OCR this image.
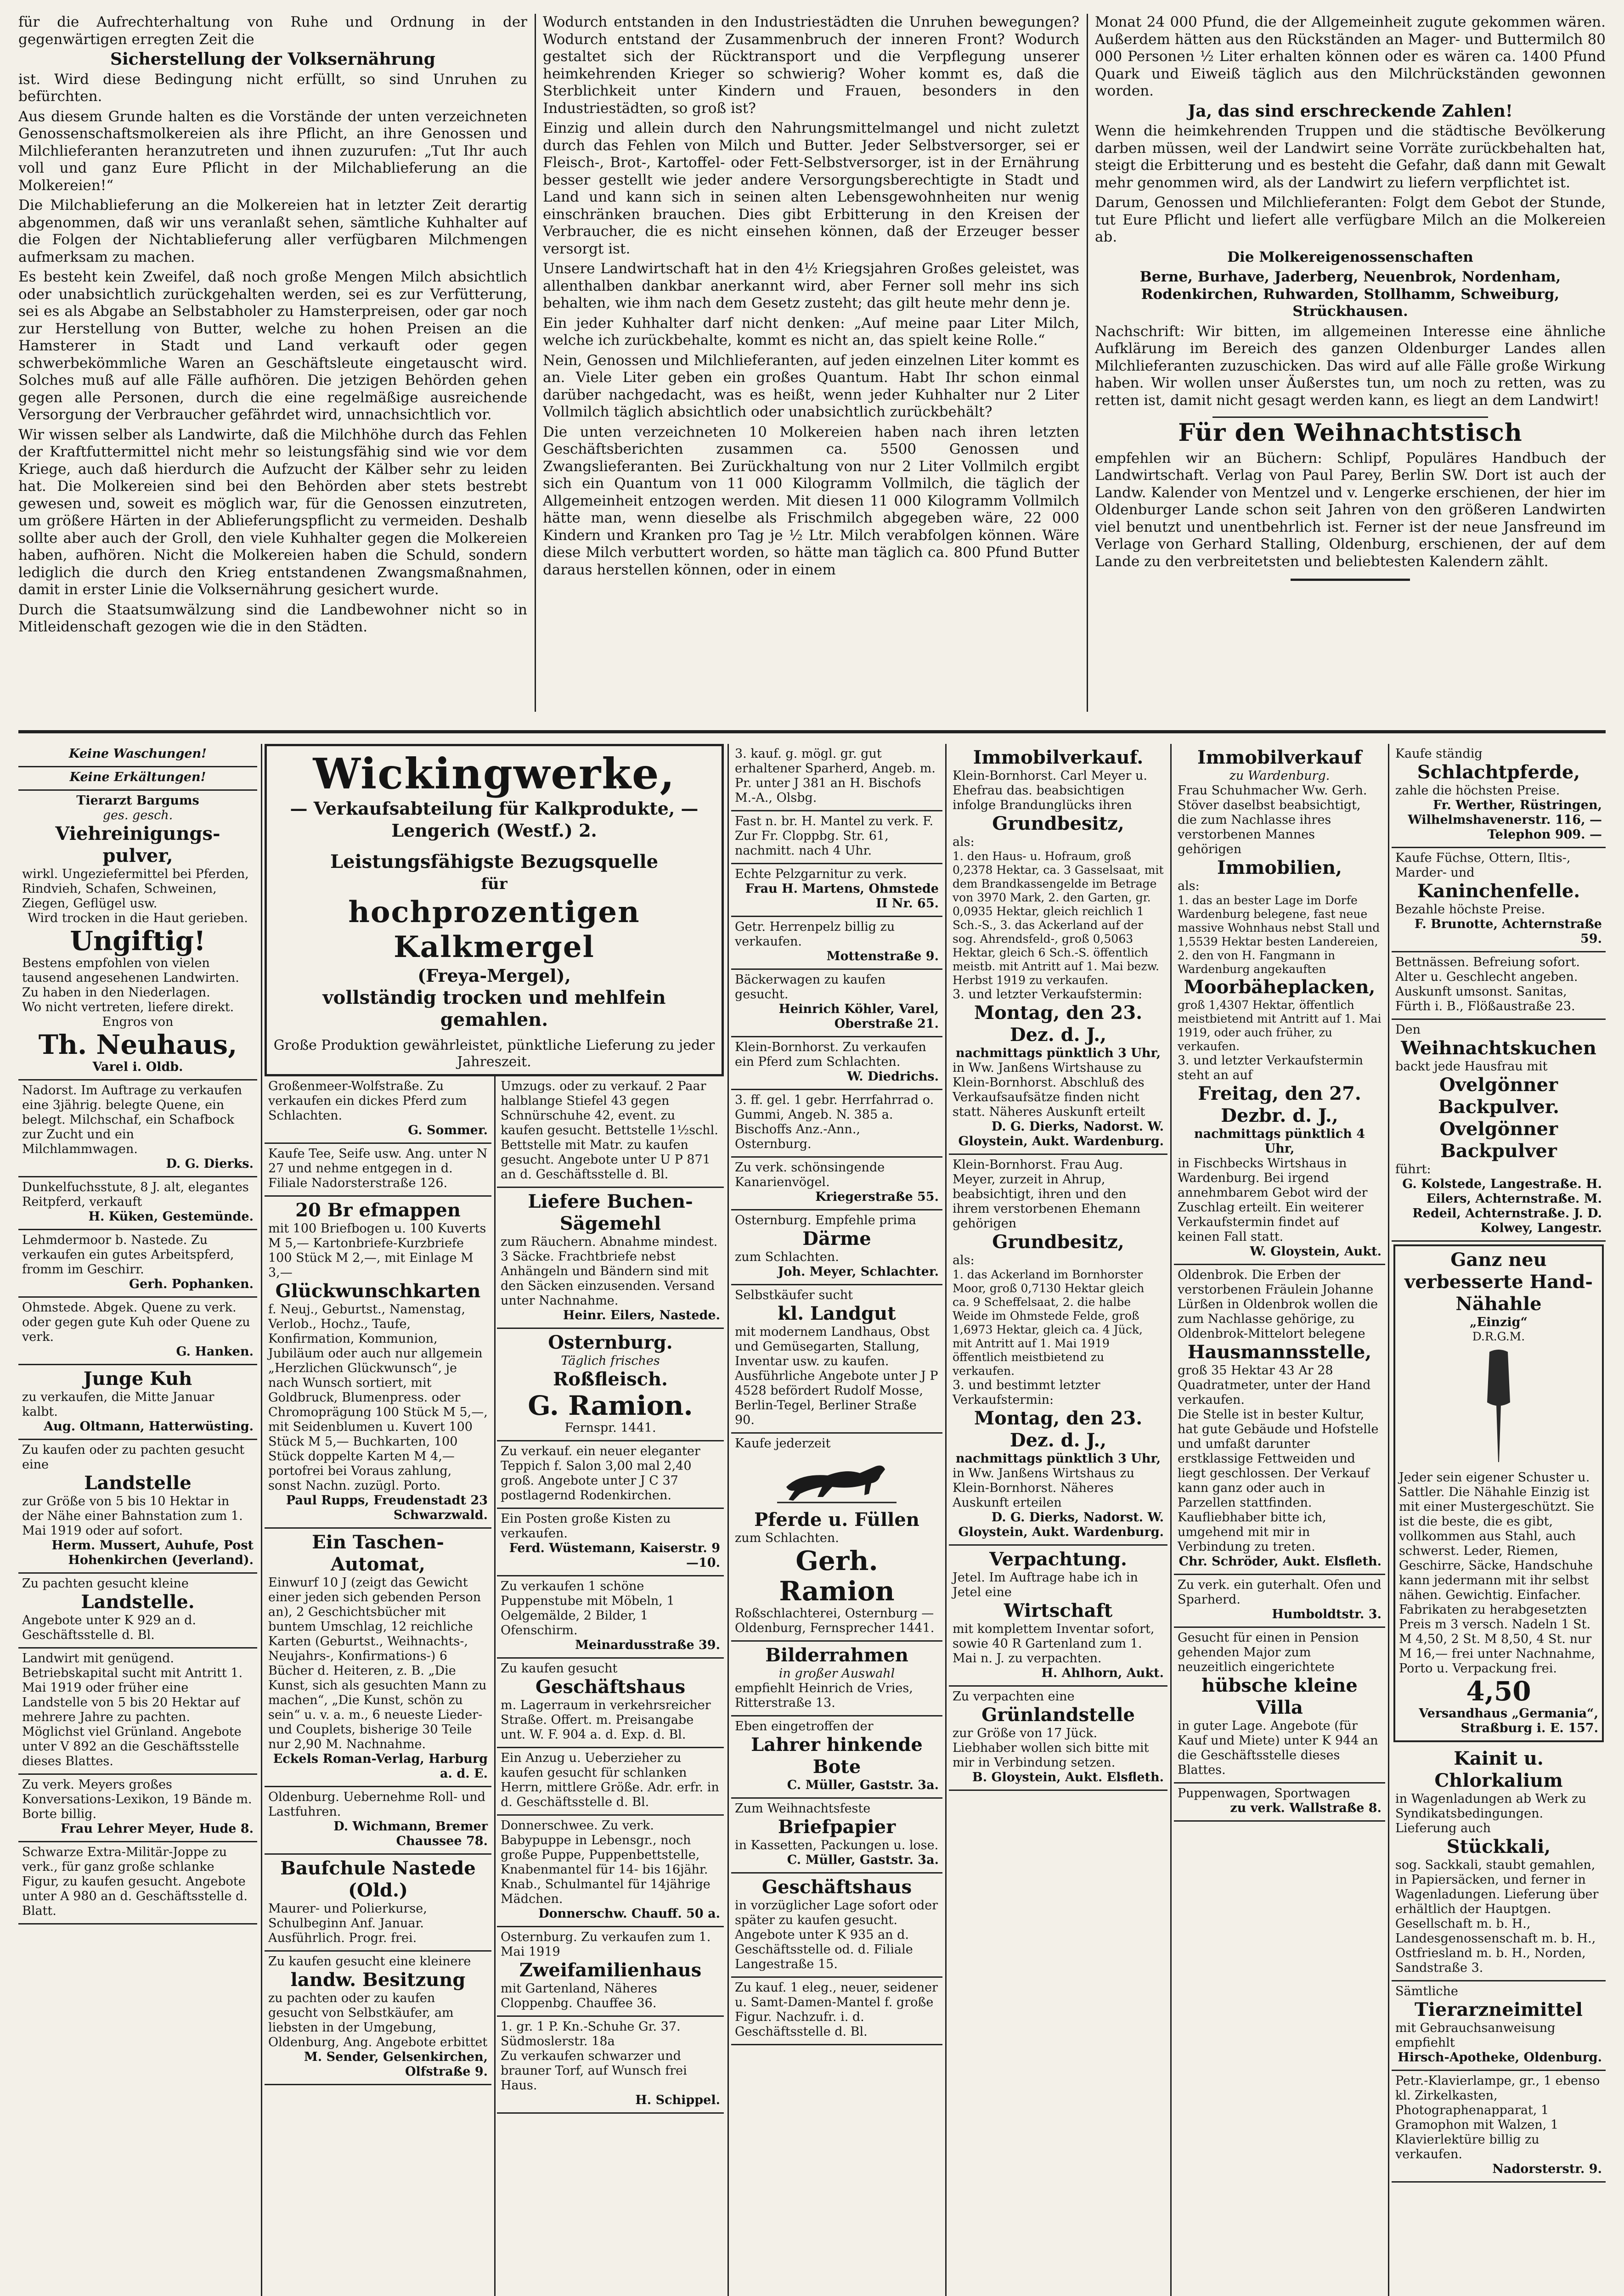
für die Aufrechterhaltung von Ruhe und Ordnung in der gegenwärtigen erregten Zeit die

Sicherstellung der Volksernährung

ist. Wird diese Bedingung nicht erfüllt, so sind Unruhen zu befürchten.

Aus diesem Grunde halten es die Vorstände der unten verzeichneten Genossenschaftsmolkereien als ihre Pflicht, an ihre Genossen und Milchlieferanten heranzutreten und ihnen zuzurufen: „Tut Ihr auch voll und ganz Eure Pflicht in der Milchablieferung an die Molkereien!“

Die Milchablieferung an die Molkereien hat in letzter Zeit derartig abgenommen, daß wir uns veranlaßt sehen, sämtliche Kuhhalter auf die Folgen der Nichtablieferung aller verfügbaren Milchmengen aufmerksam zu machen.

Es besteht kein Zweifel, daß noch große Mengen Milch absichtlich oder unabsichtlich zurückgehalten werden, sei es zur Verfütterung, sei es als Abgabe an Selbstabholer zu Hamsterpreisen, oder gar noch zur Herstellung von Butter, welche zu hohen Preisen an die Hamsterer in Stadt und Land verkauft oder gegen schwerbekömmliche Waren an Geschäftsleute eingetauscht wird. Solches muß auf alle Fälle aufhören. Die jetzigen Behörden gehen gegen alle Personen, durch die eine regelmäßige ausreichende Versorgung der Verbraucher gefährdet wird, unnachsichtlich vor.

Wir wissen selber als Landwirte, daß die Milchhöhe durch das Fehlen der Kraftfuttermittel nicht mehr so leistungsfähig sind wie vor dem Kriege, auch daß hierdurch die Aufzucht der Kälber sehr zu leiden hat. Die Molkereien sind bei den Behörden aber stets bestrebt gewesen und, soweit es möglich war, für die Genossen einzutreten, um größere Härten in der Ablieferungspflicht zu vermeiden. Deshalb sollte aber auch der Groll, den viele Kuhhalter gegen die Molkereien haben, aufhören. Nicht die Molkereien haben die Schuld, sondern lediglich die durch den Krieg entstandenen Zwangsmaßnahmen, damit in erster Linie die Volksernährung gesichert wurde.

Durch die Staatsumwälzung sind die Landbewohner nicht so in Mitleidenschaft gezogen wie die in den Städten.

Wodurch entstanden in den Industriestädten die Unruhen bewegungen? Wodurch entstand der Zusammenbruch der inneren Front? Wodurch gestaltet sich der Rücktransport und die Verpflegung unserer heimkehrenden Krieger so schwierig? Woher kommt es, daß die Sterblichkeit unter Kindern und Frauen, besonders in den Industriestädten, so groß ist?

Einzig und allein durch den Nahrungsmittelmangel und nicht zuletzt durch das Fehlen von Milch und Butter. Jeder Selbstversorger, sei er Fleisch-, Brot-, Kartoffel- oder Fett-Selbstversorger, ist in der Ernährung besser gestellt wie jeder andere Versorgungsberechtigte in Stadt und Land und kann sich in seinen alten Lebensgewohnheiten nur wenig einschränken brauchen. Dies gibt Erbitterung in den Kreisen der Verbraucher, die es nicht einsehen können, daß der Erzeuger besser versorgt ist.

Unsere Landwirtschaft hat in den 4½ Kriegsjahren Großes geleistet, was allenthalben dankbar anerkannt wird, aber Ferner soll mehr ins sich behalten, wie ihm nach dem Gesetz zusteht; das gilt heute mehr denn je.

Ein jeder Kuhhalter darf nicht denken: „Auf meine paar Liter Milch, welche ich zurückbehalte, kommt es nicht an, das spielt keine Rolle.“

Nein, Genossen und Milchlieferanten, auf jeden einzelnen Liter kommt es an. Viele Liter geben ein großes Quantum. Habt Ihr schon einmal darüber nachgedacht, was es heißt, wenn jeder Kuhhalter nur 2 Liter Vollmilch täglich absichtlich oder unabsichtlich zurückbehält?

Die unten verzeichneten 10 Molkereien haben nach ihren letzten Geschäftsberichten zusammen ca. 5500 Genossen und Zwangslieferanten. Bei Zurückhaltung von nur 2 Liter Vollmilch ergibt sich ein Quantum von 11 000 Kilogramm Vollmilch, die täglich der Allgemeinheit entzogen werden. Mit diesen 11 000 Kilogramm Vollmilch hätte man, wenn dieselbe als Frischmilch abgegeben wäre, 22 000 Kindern und Kranken pro Tag je ½ Ltr. Milch verabfolgen können. Wäre diese Milch verbuttert worden, so hätte man täglich ca. 800 Pfund Butter daraus herstellen können, oder in einem

Monat 24 000 Pfund, die der Allgemeinheit zugute gekommen wären. Außerdem hätten aus den Rückständen an Mager- und Buttermilch 80 000 Personen ½ Liter erhalten können oder es wären ca. 1400 Pfund Quark und Eiweiß täglich aus den Milchrückständen gewonnen worden.

Ja, das sind erschreckende Zahlen!

Wenn die heimkehrenden Truppen und die städtische Bevölkerung darben müssen, weil der Landwirt seine Vorräte zurückbehalten hat, steigt die Erbitterung und es besteht die Gefahr, daß dann mit Gewalt mehr genommen wird, als der Landwirt zu liefern verpflichtet ist.

Darum, Genossen und Milchlieferanten: Folgt dem Gebot der Stunde, tut Eure Pflicht und liefert alle verfügbare Milch an die Molkereien ab.

Die Molkereigenossenschaften

Berne, Burhave, Jaderberg, Neuenbrok, Nordenham, Rodenkirchen, Ruhwarden, Stollhamm, Schweiburg, Strückhausen.

Nachschrift: Wir bitten, im allgemeinen Interesse eine ähnliche Aufklärung im Bereich des ganzen Oldenburger Landes allen Milchlieferanten zuzuschicken. Das wird auf alle Fälle große Wirkung haben. Wir wollen unser Äußerstes tun, um noch zu retten, was zu retten ist, damit nicht gesagt werden kann, es liegt an dem Landwirt!

Für den Weihnachtstisch

empfehlen wir an Büchern: Schlipf, Populäres Handbuch der Landwirtschaft. Verlag von Paul Parey, Berlin SW. Dort ist auch der Landw. Kalender von Mentzel und v. Lengerke erschienen, der hier im Oldenburger Lande schon seit Jahren von den größeren Landwirten viel benutzt und unentbehrlich ist. Ferner ist der neue Jansfreund im Verlage von Gerhard Stalling, Oldenburg, erschienen, der auf dem Lande zu den verbreitetsten und beliebtesten Kalendern zählt.

Keine Waschungen!
Keine Erkältungen!
Tierarzt Bargums
ges. gesch.
Viehreinigungs-pulver,
wirkl. Ungeziefermittel bei Pferden, Rindvieh, Schafen, Schweinen, Ziegen, Geflügel usw.
Wird trocken in die Haut gerieben.
Ungiftig!
Bestens empfohlen von vielen tausend angesehenen Landwirten. Zu haben in den Niederlagen.
Wo nicht vertreten, liefere direkt.
Engros von
Th. Neuhaus,
Varel i. Oldb.
Nadorst. Im Auftrage zu verkaufen eine 3jährig. belegte Quene, ein belegt. Milchschaf, ein Schafbock zur Zucht und ein Milchlammwagen.
D. G. Dierks.
Dunkelfuchsstute, 8 J. alt, elegantes Reitpferd, verkauft
H. Küken, Gestemünde.
Lehmdermoor b. Nastede. Zu verkaufen ein gutes Arbeitspferd, fromm im Geschirr.
Gerh. Pophanken.
Ohmstede. Abgek. Quene zu verk. oder gegen gute Kuh oder Quene zu verk.
G. Hanken.
Junge Kuh
zu verkaufen, die Mitte Januar kalbt.
Aug. Oltmann, Hatterwüsting.
Zu kaufen oder zu pachten gesucht eine
Landstelle
zur Größe von 5 bis 10 Hektar in der Nähe einer Bahnstation zum 1. Mai 1919 oder auf sofort.
Herm. Mussert, Auhufe, Post Hohenkirchen (Jeverland).
Zu pachten gesucht kleine
Landstelle.
Angebote unter K 929 an d. Geschäftsstelle d. Bl.
Landwirt mit genügend. Betriebskapital sucht mit Antritt 1. Mai 1919 oder früher eine Landstelle von 5 bis 20 Hektar auf mehrere Jahre zu pachten. Möglichst viel Grünland. Angebote unter V 892 an die Geschäftsstelle dieses Blattes.
Zu verk. Meyers großes Konversations-Lexikon, 19 Bände m. Borte billig.
Frau Lehrer Meyer, Hude 8.
Schwarze Extra-Militär-Joppe zu verk., für ganz große schlanke Figur, zu kaufen gesucht. Angebote unter A 980 an d. Geschäftsstelle d. Blatt.
Wickingwerke,
— Verkaufsabteilung für Kalkprodukte, —
Lengerich (Westf.) 2.
Leistungsfähigste Bezugsquelle
für
hochprozentigen Kalkmergel
(Freya-Mergel),
vollständig trocken und mehlfein gemahlen.
Große Produktion gewährleistet, pünktliche Lieferung zu jeder Jahreszeit.
Großenmeer-Wolfstraße. Zu verkaufen ein dickes Pferd zum Schlachten.
G. Sommer.
Kaufe Tee, Seife usw. Ang. unter N 27 und nehme entgegen in d. Filiale Nadorsterstraße 126.
20 Br efmappen
mit 100 Briefbogen u. 100 Kuverts M 5,— Kartonbriefe-Kurzbriefe 100 Stück M 2,—, mit Einlage M 3,—
Glückwunschkarten
f. Neuj., Geburtst., Namenstag, Verlob., Hochz., Taufe, Konfirmation, Kommunion, Jubiläum oder auch nur allgemein „Herzlichen Glückwunsch“, je nach Wunsch sortiert, mit Goldbruck, Blumenpress. oder Chromoprägung 100 Stück M 5,—, mit Seidenblumen u. Kuvert 100 Stück M 5,— Buchkarten, 100 Stück doppelte Karten M 4,— portofrei bei Voraus zahlung, sonst Nachn. zuzügl. Porto.
Paul Rupps, Freudenstadt 23 Schwarzwald.
Ein Taschen-Automat,
Einwurf 10 J (zeigt das Gewicht einer jeden sich gebenden Person an), 2 Geschichtsbücher mit buntem Umschlag, 12 reichliche Karten (Geburtst., Weihnachts-, Neujahrs-, Konfirmations-) 6 Bücher d. Heiteren, z. B. „Die Kunst, sich als gesuchten Mann zu machen“, „Die Kunst, schön zu sein“ u. v. a. m., 6 neueste Lieder- und Couplets, bisherige 30 Teile nur 2,90 M. Nachnahme.
Eckels Roman-Verlag, Harburg a. d. E.
Oldenburg. Uebernehme Roll- und Lastfuhren.
D. Wichmann, Bremer Chaussee 78.
Baufchule Nastede (Old.)
Maurer- und Polierkurse, Schulbeginn Anf. Januar. Ausführlich. Progr. frei.
Zu kaufen gesucht eine kleinere
landw. Besitzung
zu pachten oder zu kaufen gesucht von Selbstkäufer, am liebsten in der Umgebung, Oldenburg, Ang. Angebote erbittet
M. Sender, Gelsenkirchen, Olfstraße 9.
Umzugs. oder zu verkauf. 2 Paar halblange Stiefel 43 gegen Schnürschuhe 42, event. zu kaufen gesucht. Bettstelle 1½schl. Bettstelle mit Matr. zu kaufen gesucht. Angebote unter U P 871 an d. Geschäftsstelle d. Bl.
Liefere Buchen-Sägemehl
zum Räuchern. Abnahme mindest. 3 Säcke. Frachtbriefe nebst Anhängeln und Bändern sind mit den Säcken einzusenden. Versand unter Nachnahme.
Heinr. Eilers, Nastede.
Osternburg.
Täglich frisches
Roßfleisch.
G. Ramion.
Fernspr. 1441.
Zu verkauf. ein neuer eleganter Teppich f. Salon 3,00 mal 2,40 groß. Angebote unter J C 37 postlagernd Rodenkirchen.
Ein Posten große Kisten zu verkaufen.
Ferd. Wüstemann, Kaiserstr. 9—10.
Zu verkaufen 1 schöne Puppenstube mit Möbeln, 1 Oelgemälde, 2 Bilder, 1 Ofenschirm.
Meinardusstraße 39.
Zu kaufen gesucht
Geschäftshaus
m. Lagerraum in verkehrsreicher Straße. Offert. m. Preisangabe unt. W. F. 904 a. d. Exp. d. Bl.
Ein Anzug u. Ueberzieher zu kaufen gesucht für schlanken Herrn, mittlere Größe. Adr. erfr. in d. Geschäftsstelle d. Bl.
Donnerschwee. Zu verk. Babypuppe in Lebensgr., noch große Puppe, Puppenbettstelle, Knabenmantel für 14- bis 16jähr. Knab., Schulmantel für 14jährige Mädchen.
Donnerschw. Chauff. 50 a.
Osternburg. Zu verkaufen zum 1. Mai 1919
Zweifamilienhaus
mit Gartenland, Näheres Cloppenbg. Chauffee 36.
1. gr. 1 P. Kn.-Schuhe Gr. 37. Südmoslerstr. 18a
Zu verkaufen schwarzer und brauner Torf, auf Wunsch frei Haus.
H. Schippel.
3. kauf. g. mögl. gr. gut erhaltener Sparherd, Angeb. m. Pr. unter J 381 an H. Bischofs M.-A., Olsbg.
Fast n. br. H. Mantel zu verk. F. Zur Fr. Cloppbg. Str. 61, nachmitt. nach 4 Uhr.
Echte Pelzgarnitur zu verk.
Frau H. Martens, Ohmstede II Nr. 65.
Getr. Herrenpelz billig zu verkaufen.
Mottenstraße 9.
Bäckerwagen zu kaufen gesucht.
Heinrich Köhler, Varel, Oberstraße 21.
Klein-Bornhorst. Zu verkaufen ein Pferd zum Schlachten.
W. Diedrichs.
3. ff. gel. 1 gebr. Herrfahrrad o. Gummi, Angeb. N. 385 a. Bischoffs Anz.-Ann., Osternburg.
Zu verk. schönsingende Kanarienvögel.
Kriegerstraße 55.
Osternburg. Empfehle prima
Därme
zum Schlachten.
Joh. Meyer, Schlachter.
Selbstkäufer sucht
kl. Landgut
mit modernem Landhaus, Obst und Gemüsegarten, Stallung, Inventar usw. zu kaufen. Ausführliche Angebote unter J P 4528 befördert Rudolf Mosse, Berlin-Tegel, Berliner Straße 90.
Kaufe jederzeit
Pferde u. Füllen
zum Schlachten.
Gerh. Ramion
Roßschlachterei, Osternburg — Oldenburg, Fernsprecher 1441.
Bilderrahmen
in großer Auswahl
empfiehlt Heinrich de Vries, Ritterstraße 13.
Eben eingetroffen der
Lahrer hinkende Bote
C. Müller, Gaststr. 3a.
Zum Weihnachtsfeste
Briefpapier
in Kassetten, Packungen u. lose.
C. Müller, Gaststr. 3a.
Geschäftshaus
in vorzüglicher Lage sofort oder später zu kaufen gesucht. Angebote unter K 935 an d. Geschäftsstelle od. d. Filiale Langestraße 15.
Zu kauf. 1 eleg., neuer, seidener u. Samt-Damen-Mantel f. große Figur. Nachzufr. i. d. Geschäftsstelle d. Bl.
Immobilverkauf.
Klein-Bornhorst. Carl Meyer u. Ehefrau das. beabsichtigen infolge Brandunglücks ihren
Grundbesitz,
als:
1. den Haus- u. Hofraum, groß 0,2378 Hektar, ca. 3 Gasselsaat, mit dem Brandkassengelde im Betrage von 3970 Mark, 2. den Garten, gr. 0,0935 Hektar, gleich reichlich 1 Sch.-S., 3. das Ackerland auf der sog. Ahrendsfeld-, groß 0,5063 Hektar, gleich 6 Sch.-S. öffentlich meistb. mit Antritt auf 1. Mai bezw. Herbst 1919 zu verkaufen.
3. und letzter Verkaufstermin:
Montag, den 23. Dez. d. J.,
nachmittags pünktlich 3 Uhr,
in Ww. Janßens Wirtshause zu Klein-Bornhorst. Abschluß des Verkaufsaufsätze finden nicht statt. Näheres Auskunft erteilt
D. G. Dierks, Nadorst. W. Gloystein, Aukt. Wardenburg.
Klein-Bornhorst. Frau Aug. Meyer, zurzeit in Ahrup, beabsichtigt, ihren und den ihrem verstorbenen Ehemann gehörigen
Grundbesitz,
als:
1. das Ackerland im Bornhorster Moor, groß 0,7130 Hektar gleich ca. 9 Scheffelsaat, 2. die halbe Weide im Ohmstede Felde, groß 1,6973 Hektar, gleich ca. 4 Jück, mit Antritt auf 1. Mai 1919 öffentlich meistbietend zu verkaufen.
3. und bestimmt letzter Verkaufstermin:
Montag, den 23. Dez. d. J.,
nachmittags pünktlich 3 Uhr,
in Ww. Janßens Wirtshaus zu Klein-Bornhorst. Näheres Auskunft erteilen
D. G. Dierks, Nadorst. W. Gloystein, Aukt. Wardenburg.
Verpachtung.
Jetel. Im Auftrage habe ich in Jetel eine
Wirtschaft
mit komplettem Inventar sofort, sowie 40 R Gartenland zum 1. Mai n. J. zu verpachten.
H. Ahlhorn, Aukt.
Zu verpachten eine
Grünlandstelle
zur Größe von 17 Jück. Liebhaber wollen sich bitte mit mir in Verbindung setzen.
B. Gloystein, Aukt. Elsfleth.
Immobilverkauf
zu Wardenburg.
Frau Schuhmacher Ww. Gerh. Stöver daselbst beabsichtigt, die zum Nachlasse ihres verstorbenen Mannes gehörigen
Immobilien,
als:
1. das an bester Lage im Dorfe Wardenburg belegene, fast neue massive Wohnhaus nebst Stall und 1,5539 Hektar besten Landereien,
2. den von H. Fangmann in Wardenburg angekauften
Moorbäheplacken,
groß 1,4307 Hektar, öffentlich meistbietend mit Antritt auf 1. Mai 1919, oder auch früher, zu verkaufen.
3. und letzter Verkaufstermin steht an auf
Freitag, den 27. Dezbr. d. J.,
nachmittags pünktlich 4 Uhr,
in Fischbecks Wirtshaus in Wardenburg. Bei irgend annehmbarem Gebot wird der Zuschlag erteilt. Ein weiterer Verkaufstermin findet auf keinen Fall statt.
W. Gloystein, Aukt.
Oldenbrok. Die Erben der verstorbenen Fräulein Johanne Lürßen in Oldenbrok wollen die zum Nachlasse gehörige, zu Oldenbrok-Mittelort belegene
Hausmannsstelle,
groß 35 Hektar 43 Ar 28 Quadratmeter, unter der Hand verkaufen.
Die Stelle ist in bester Kultur, hat gute Gebäude und Hofstelle und umfaßt darunter erstklassige Fettweiden und liegt geschlossen. Der Verkauf kann ganz oder auch in Parzellen stattfinden. Kaufliebhaber bitte ich, umgehend mit mir in Verbindung zu treten.
Chr. Schröder, Aukt. Elsfleth.
Zu verk. ein guterhalt. Ofen und Sparherd.
Humboldtstr. 3.
Gesucht für einen in Pension gehenden Major zum neuzeitlich eingerichtete
hübsche kleine Villa
in guter Lage. Angebote (für Kauf und Miete) unter K 944 an die Geschäftsstelle dieses Blattes.
Puppenwagen, Sportwagen
zu verk. Wallstraße 8.
Kaufe ständig
Schlachtpferde,
zahle die höchsten Preise.
Fr. Werther, Rüstringen, Wilhelmshavenerstr. 116, — Telephon 909. —
Kaufe Füchse, Ottern, Iltis-, Marder- und
Kaninchenfelle.
Bezahle höchste Preise.
F. Brunotte, Achternstraße 59.
Bettnässen. Befreiung sofort. Alter u. Geschlecht angeben. Auskunft umsonst. Sanitas, Fürth i. B., Flößaustraße 23.
Den
Weihnachtskuchen
backt jede Hausfrau mit
Ovelgönner Backpulver.
Ovelgönner Backpulver
führt:
G. Kolstede, Langestraße. H. Eilers, Achternstraße. M. Redeil, Achternstraße. J. D. Kolwey, Langestr.
Ganz neu verbesserte Hand-Nähahle
„Einzig“
D.R.G.M.
Jeder sein eigener Schuster u. Sattler. Die Nähahle Einzig ist mit einer Mustergeschützt. Sie ist die beste, die es gibt, vollkommen aus Stahl, auch schwerst. Leder, Riemen, Geschirre, Säcke, Handschuhe kann jedermann mit ihr selbst nähen. Gewichtig. Einfacher. Fabrikaten zu herabgesetzten Preis m 3 versch. Nadeln 1 St. M 4,50, 2 St. M 8,50, 4 St. nur M 16,— frei unter Nachnahme, Porto u. Verpackung frei.
4,50
Versandhaus „Germania“, Straßburg i. E. 157.
Kainit u. Chlorkalium
in Wagenladungen ab Werk zu Syndikatsbedingungen. Lieferung auch
Stückkali,
sog. Sackkali, staubt gemahlen, in Papiersäcken, und ferner in Wagenladungen. Lieferung über erhältlich der Hauptgen. Gesellschaft m. b. H., Landesgenossenschaft m. b. H., Ostfriesland m. b. H., Norden, Sandstraße 3.
Sämtliche
Tierarzneimittel
mit Gebrauchsanweisung empfiehlt
Hirsch-Apotheke, Oldenburg.
Petr.-Klavierlampe, gr., 1 ebenso kl. Zirkelkasten, Photographenapparat, 1 Gramophon mit Walzen, 1 Klavierlektüre billig zu verkaufen.
Nadorsterstr. 9.
